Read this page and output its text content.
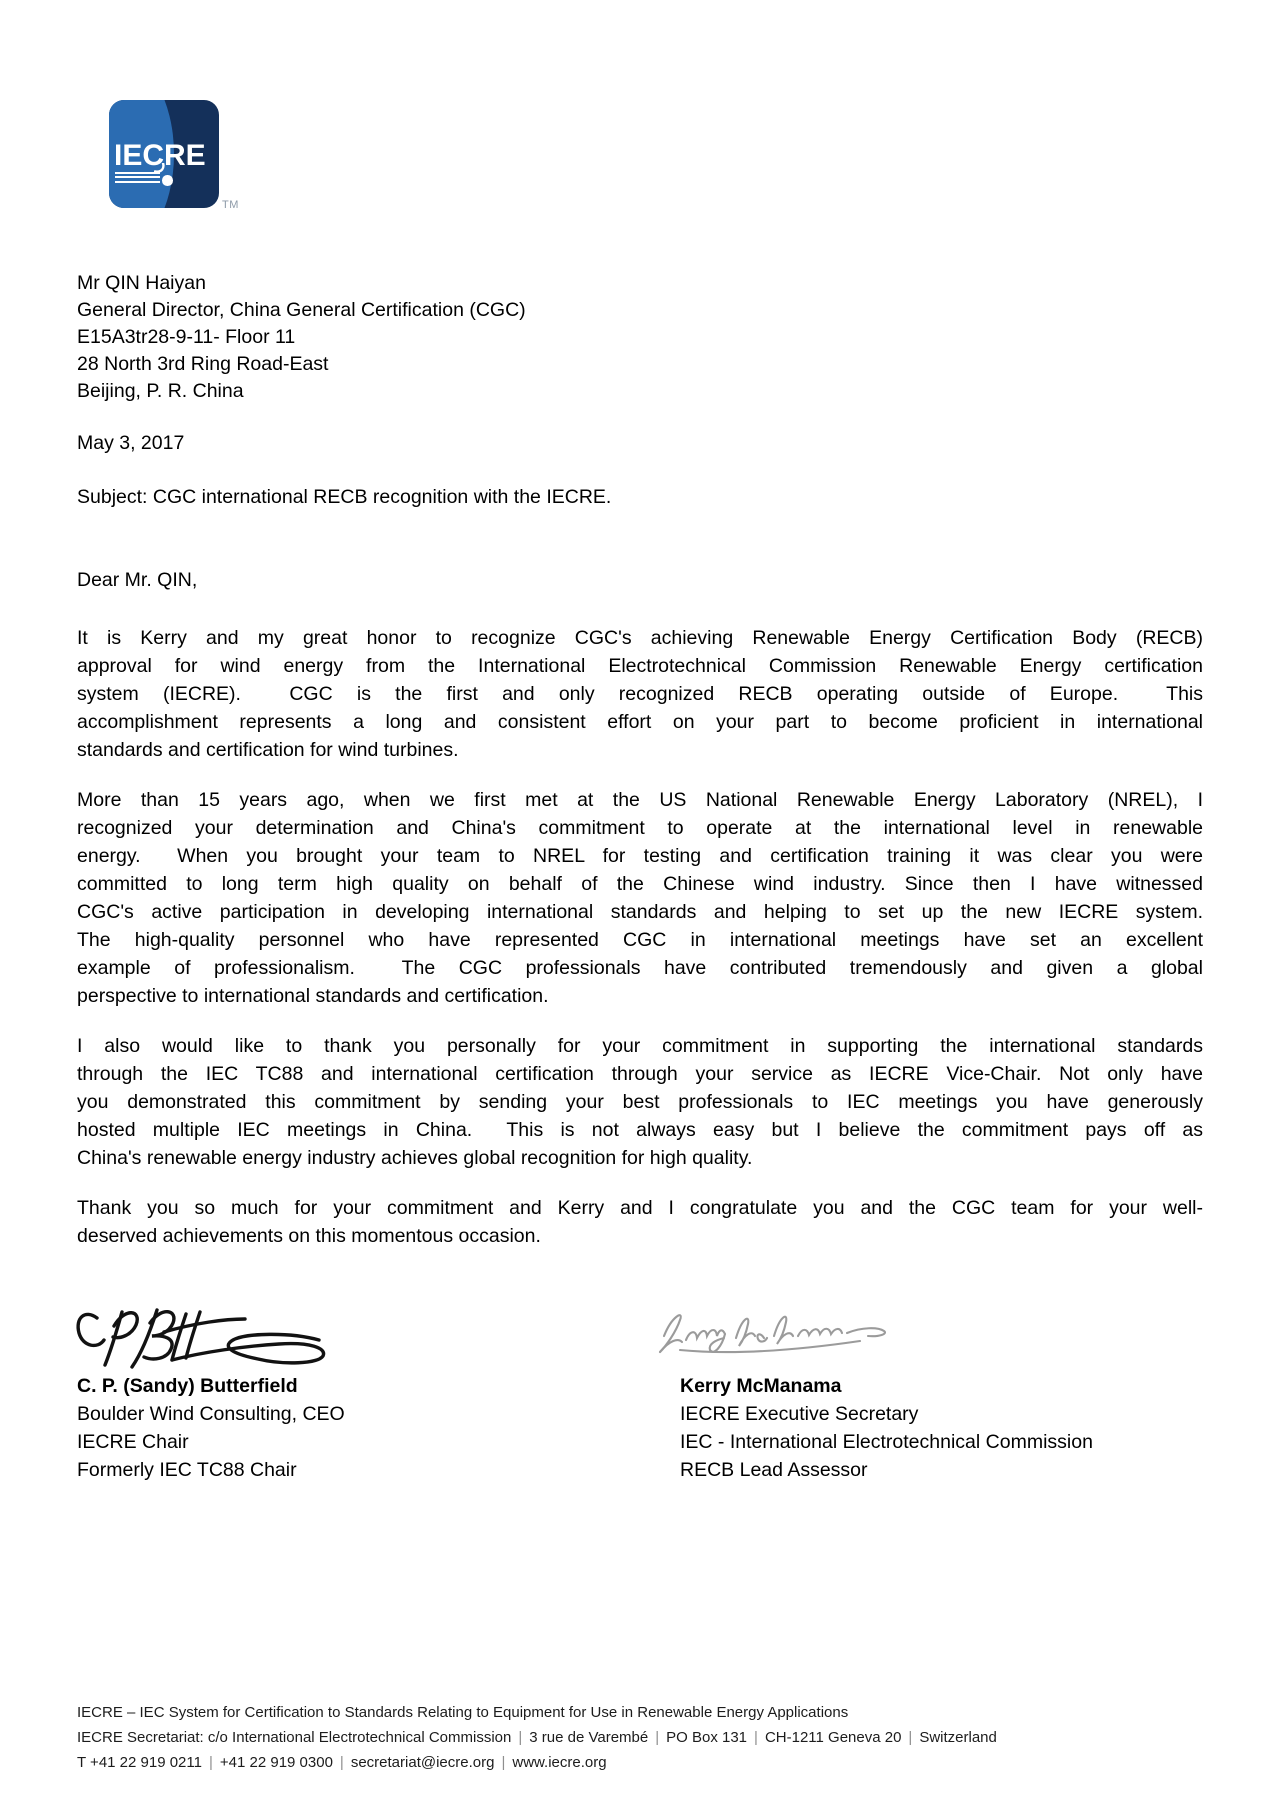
IECRE
TM
Mr QIN Haiyan
General Director, China General Certification (CGC)
E15A3tr28-9-11- Floor 11
28 North 3rd Ring Road-East
Beijing, P. R. China
May 3, 2017
Subject: CGC international RECB recognition with the IECRE.
Dear Mr. QIN,
It is Kerry and my great honor to recognize CGC's achieving Renewable Energy Certification Body (RECB)
approval for wind energy from the International Electrotechnical Commission Renewable Energy certification
system (IECRE).  CGC is the first and only recognized RECB operating outside of Europe.  This
accomplishment represents a long and consistent effort on your part to become proficient in international
standards and certification for wind turbines.
More than 15 years ago, when we first met at the US National Renewable Energy Laboratory (NREL), I
recognized your determination and China's commitment to operate at the international level in renewable
energy.  When you brought your team to NREL for testing and certification training it was clear you were
committed to long term high quality on behalf of the Chinese wind industry. Since then I have witnessed
CGC's active participation in developing international standards and helping to set up the new IECRE system.
The high-quality personnel who have represented CGC in international meetings have set an excellent
example of professionalism.  The CGC professionals have contributed tremendously and given a global
perspective to international standards and certification.
I also would like to thank you personally for your commitment in supporting the international standards
through the IEC TC88 and international certification through your service as IECRE Vice-Chair. Not only have
you demonstrated this commitment by sending your best professionals to IEC meetings you have generously
hosted multiple IEC meetings in China.  This is not always easy but I believe the commitment pays off as
China's renewable energy industry achieves global recognition for high quality.
Thank you so much for your commitment and Kerry and I congratulate you and the CGC team for your well-
deserved achievements on this momentous occasion.
C. P. (Sandy) Butterfield
Boulder Wind Consulting, CEO
IECRE Chair
Formerly IEC TC88 Chair
Kerry McManama
IECRE Executive Secretary
IEC - International Electrotechnical Commission
RECB Lead Assessor
IECRE – IEC System for Certification to Standards Relating to Equipment for Use in Renewable Energy Applications
IECRE Secretariat: c/o International Electrotechnical Commission | 3 rue de Varembé | PO Box 131 | CH-1211 Geneva 20 | Switzerland
T +41 22 919 0211 | +41 22 919 0300 | secretariat@iecre.org | www.iecre.org
